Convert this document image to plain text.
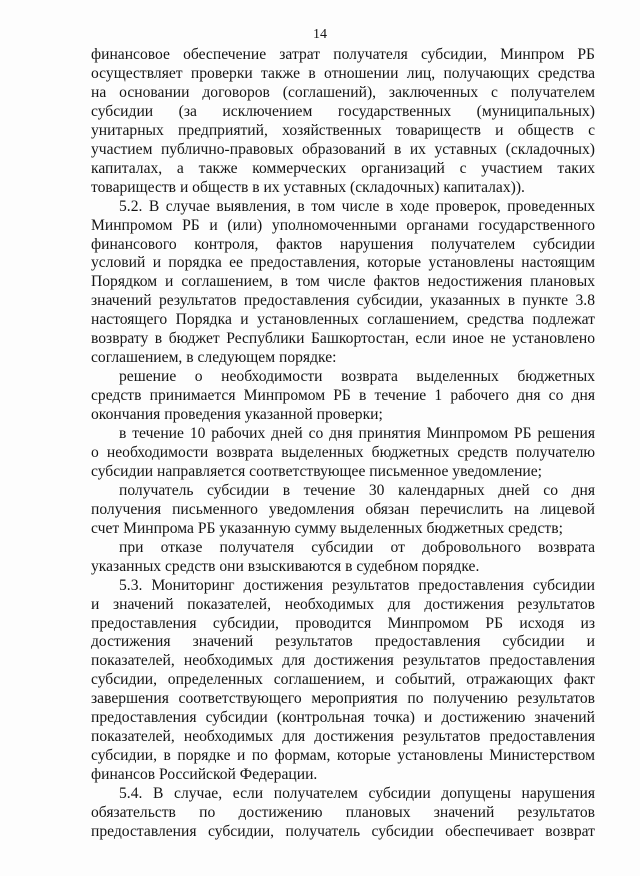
14
финансовое обеспечение затрат получателя субсидии, Минпром РБ
осуществляет проверки также в отношении лиц, получающих средства
на основании договоров (соглашений), заключенных с получателем
субсидии (за исключением государственных (муниципальных)
унитарных предприятий, хозяйственных товариществ и обществ с
участием публично-правовых образований в их уставных (складочных)
капиталах, а также коммерческих организаций с участием таких
товариществ и обществ в их уставных (складочных) капиталах)).
5.2. В случае выявления, в том числе в ходе проверок, проведенных
Минпромом РБ и (или) уполномоченными органами государственного
финансового контроля, фактов нарушения получателем субсидии
условий и порядка ее предоставления, которые установлены настоящим
Порядком и соглашением, в том числе фактов недостижения плановых
значений результатов предоставления субсидии, указанных в пункте 3.8
настоящего Порядка и установленных соглашением, средства подлежат
возврату в бюджет Республики Башкортостан, если иное не установлено
соглашением, в следующем порядке:
решение о необходимости возврата выделенных бюджетных
средств принимается Минпромом РБ в течение 1 рабочего дня со дня
окончания проведения указанной проверки;
в течение 10 рабочих дней со дня принятия Минпромом РБ решения
о необходимости возврата выделенных бюджетных средств получателю
субсидии направляется соответствующее письменное уведомление;
получатель субсидии в течение 30 календарных дней со дня
получения письменного уведомления обязан перечислить на лицевой
счет Минпрома РБ указанную сумму выделенных бюджетных средств;
при отказе получателя субсидии от добровольного возврата
указанных средств они взыскиваются в судебном порядке.
5.3. Мониторинг достижения результатов предоставления субсидии
и значений показателей, необходимых для достижения результатов
предоставления субсидии, проводится Минпромом РБ исходя из
достижения значений результатов предоставления субсидии и
показателей, необходимых для достижения результатов предоставления
субсидии, определенных соглашением, и событий, отражающих факт
завершения соответствующего мероприятия по получению результатов
предоставления субсидии (контрольная точка) и достижению значений
показателей, необходимых для достижения результатов предоставления
субсидии, в порядке и по формам, которые установлены Министерством
финансов Российской Федерации.
5.4. В случае, если получателем субсидии допущены нарушения
обязательств по достижению плановых значений результатов
предоставления субсидии, получатель субсидии обеспечивает возврат
